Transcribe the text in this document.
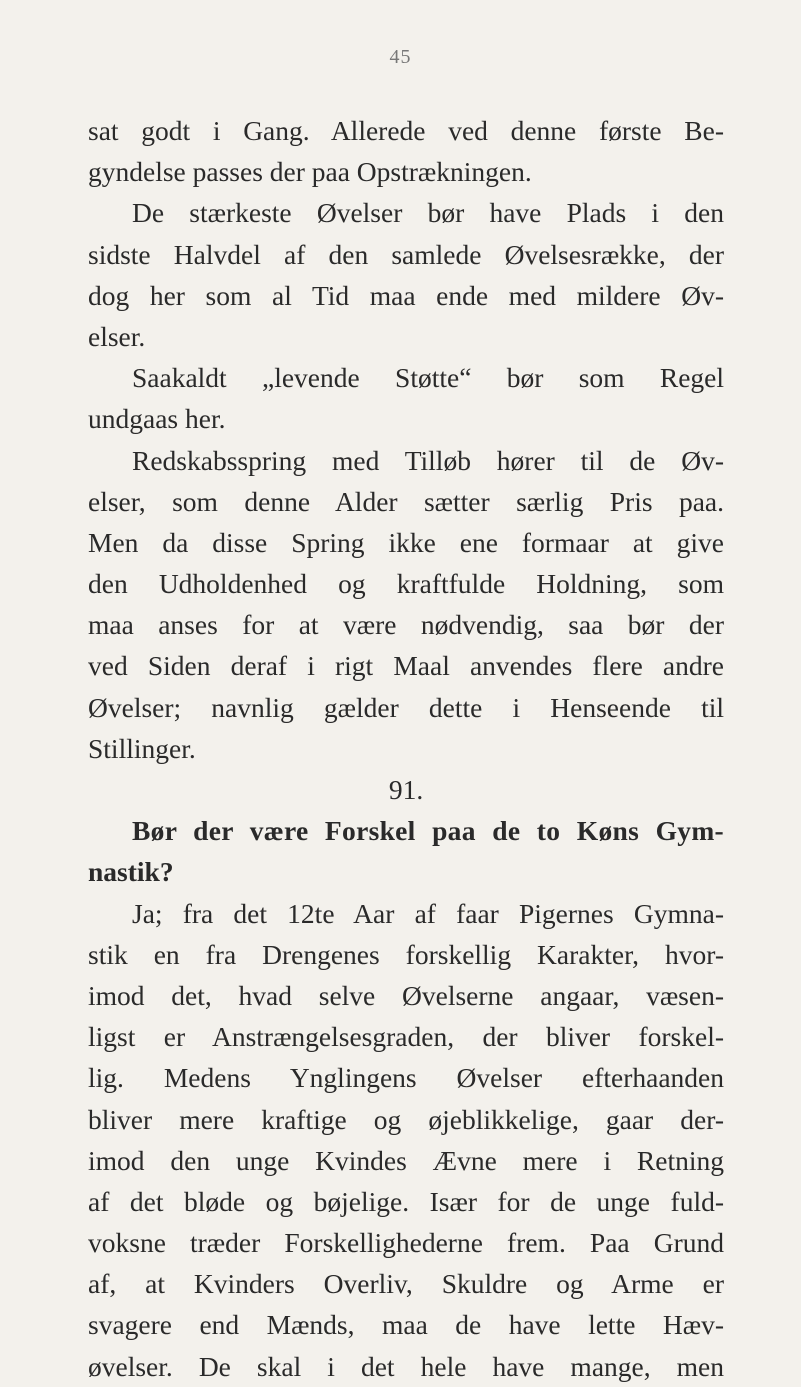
45
sat godt i Gang. Allerede ved denne første Be-
gyndelse passes der paa Opstrækningen.
De stærkeste Øvelser bør have Plads i den
sidste Halvdel af den samlede Øvelsesrække, der
dog her som al Tid maa ende med mildere Øv-
elser.
Saakaldt „levende Støtte“ bør som Regel
undgaas her.
Redskabsspring med Tilløb hører til de Øv-
elser, som denne Alder sætter særlig Pris paa.
Men da disse Spring ikke ene formaar at give
den Udholdenhed og kraftfulde Holdning, som
maa anses for at være nødvendig, saa bør der
ved Siden deraf i rigt Maal anvendes flere andre
Øvelser; navnlig gælder dette i Henseende til
Stillinger.
91.
Bør der være Forskel paa de to Køns Gym-
nastik?
Ja; fra det 12te Aar af faar Pigernes Gymna-
stik en fra Drengenes forskellig Karakter, hvor-
imod det, hvad selve Øvelserne angaar, væsen-
ligst er Anstrængelsesgraden, der bliver forskel-
lig. Medens Ynglingens Øvelser efterhaanden
bliver mere kraftige og øjeblikkelige, gaar der-
imod den unge Kvindes Ævne mere i Retning
af det bløde og bøjelige. Især for de unge fuld-
voksne træder Forskellighederne frem. Paa Grund
af, at Kvinders Overliv, Skuldre og Arme er
svagere end Mænds, maa de have lette Hæv-
øvelser. De skal i det hele have mange, men
